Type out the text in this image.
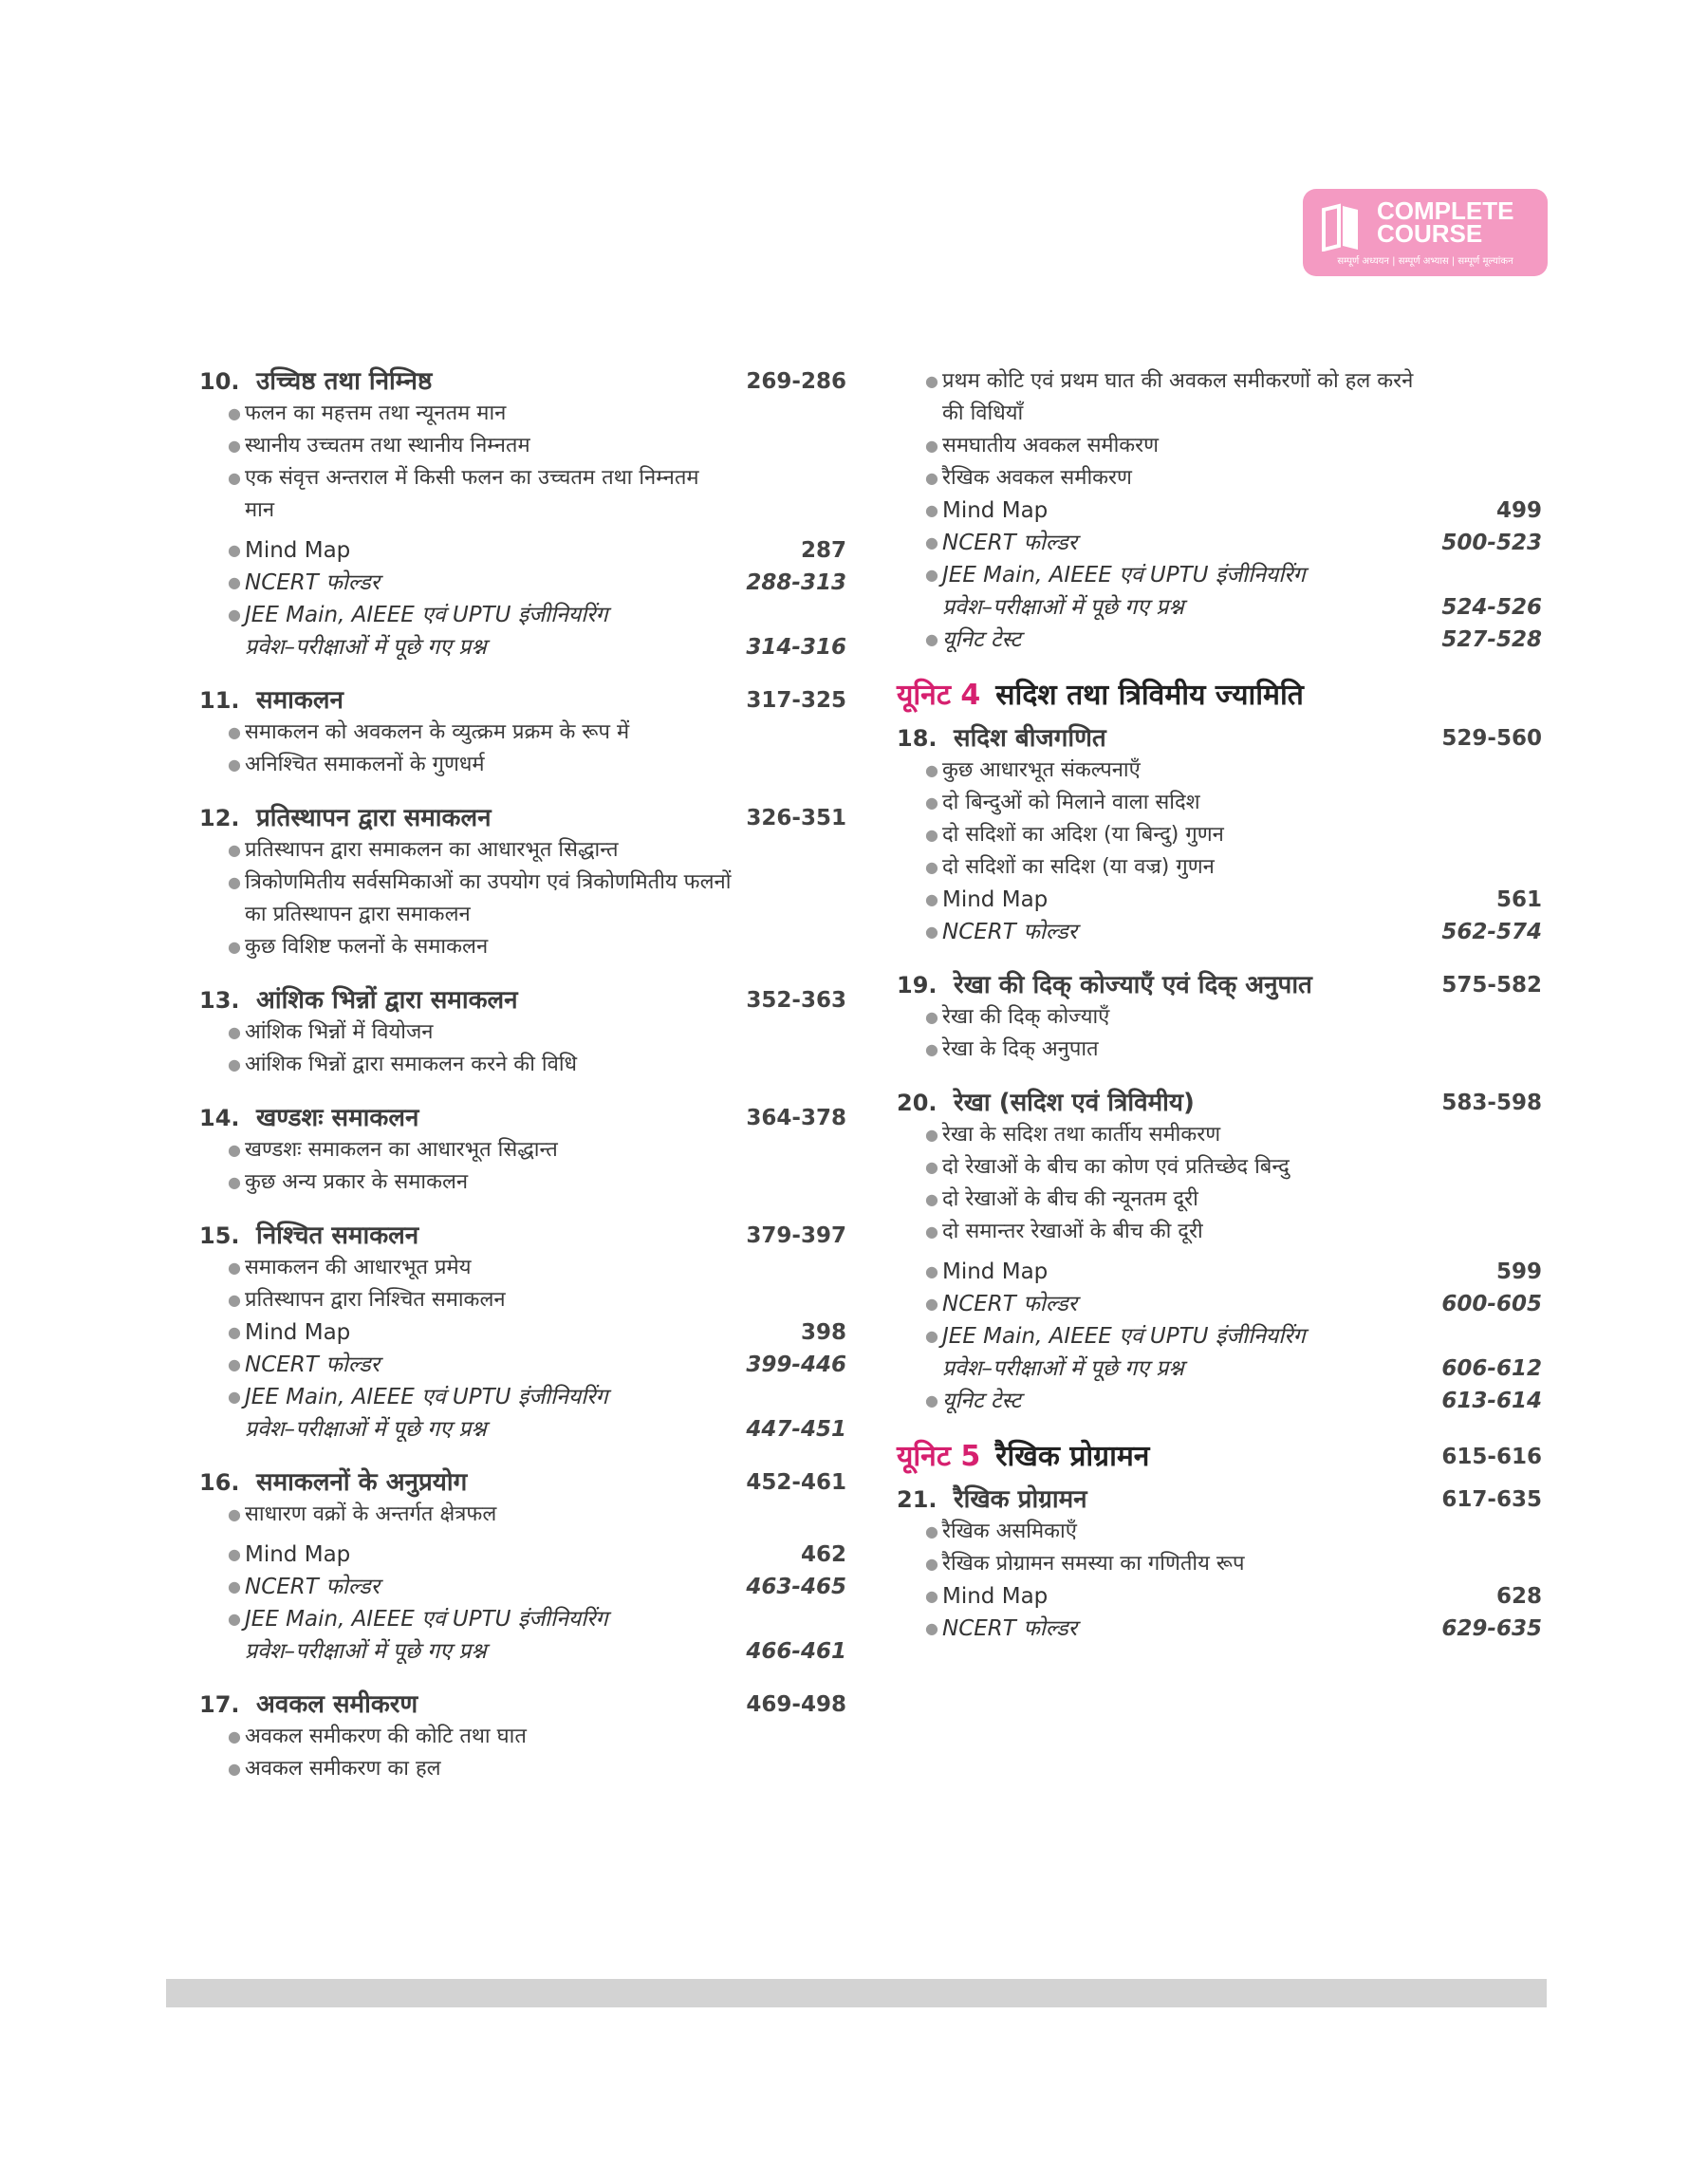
COMPLETE
COURSE
सम्पूर्ण अध्ययन | सम्पूर्ण अभ्यास | सम्पूर्ण मूल्यांकन
10. उच्चिष्ठ तथा निम्निष्ठ	269-286
● फलन का महत्तम तथा न्यूनतम मान
● स्थानीय उच्चतम तथा स्थानीय निम्नतम
● एक संवृत्त अन्तराल में किसी फलन का उच्चतम तथा निम्नतम मान
● Mind Map	287
● NCERT फोल्डर	288-313
● JEE Main, AIEEE एवं UPTU इंजीनियरिंग
प्रवेश–परीक्षाओं में पूछे गए प्रश्न	314-316
11. समाकलन	317-325
● समाकलन को अवकलन के व्युत्क्रम प्रक्रम के रूप में
● अनिश्चित समाकलनों के गुणधर्म
12. प्रतिस्थापन द्वारा समाकलन	326-351
● प्रतिस्थापन द्वारा समाकलन का आधारभूत सिद्धान्त
● त्रिकोणमितीय सर्वसमिकाओं का उपयोग एवं त्रिकोणमितीय फलनों का प्रतिस्थापन द्वारा समाकलन
● कुछ विशिष्ट फलनों के समाकलन
13. आंशिक भिन्नों द्वारा समाकलन	352-363
● आंशिक भिन्नों में वियोजन
● आंशिक भिन्नों द्वारा समाकलन करने की विधि
14. खण्डशः समाकलन	364-378
● खण्डशः समाकलन का आधारभूत सिद्धान्त
● कुछ अन्य प्रकार के समाकलन
15. निश्चित समाकलन	379-397
● समाकलन की आधारभूत प्रमेय
● प्रतिस्थापन द्वारा निश्चित समाकलन
● Mind Map	398
● NCERT फोल्डर	399-446
● JEE Main, AIEEE एवं UPTU इंजीनियरिंग
प्रवेश–परीक्षाओं में पूछे गए प्रश्न	447-451
16. समाकलनों के अनुप्रयोग	452-461
● साधारण वक्रों के अन्तर्गत क्षेत्रफल
● Mind Map	462
● NCERT फोल्डर	463-465
● JEE Main, AIEEE एवं UPTU इंजीनियरिंग
प्रवेश–परीक्षाओं में पूछे गए प्रश्न	466-461
17. अवकल समीकरण	469-498
● अवकल समीकरण की कोटि तथा घात
● अवकल समीकरण का हल
● प्रथम कोटि एवं प्रथम घात की अवकल समीकरणों को हल करने की विधियाँ
● समघातीय अवकल समीकरण
● रैखिक अवकल समीकरण
● Mind Map	499
● NCERT फोल्डर	500-523
● JEE Main, AIEEE एवं UPTU इंजीनियरिंग
प्रवेश–परीक्षाओं में पूछे गए प्रश्न	524-526
● यूनिट टेस्ट	527-528
यूनिट 4 सदिश तथा त्रिविमीय ज्यामिति
18. सदिश बीजगणित	529-560
● कुछ आधारभूत संकल्पनाएँ
● दो बिन्दुओं को मिलाने वाला सदिश
● दो सदिशों का अदिश (या बिन्दु) गुणन
● दो सदिशों का सदिश (या वज्र) गुणन
● Mind Map	561
● NCERT फोल्डर	562-574
19. रेखा की दिक् कोज्याएँ एवं दिक् अनुपात	575-582
● रेखा की दिक् कोज्याएँ
● रेखा के दिक् अनुपात
20. रेखा (सदिश एवं त्रिविमीय)	583-598
● रेखा के सदिश तथा कार्तीय समीकरण
● दो रेखाओं के बीच का कोण एवं प्रतिच्छेद बिन्दु
● दो रेखाओं के बीच की न्यूनतम दूरी
● दो समान्तर रेखाओं के बीच की दूरी
● Mind Map	599
● NCERT फोल्डर	600-605
● JEE Main, AIEEE एवं UPTU इंजीनियरिंग
प्रवेश–परीक्षाओं में पूछे गए प्रश्न	606-612
● यूनिट टेस्ट	613-614
यूनिट 5 रैखिक प्रोग्रामन	615-616
21. रैखिक प्रोग्रामन	617-635
● रैखिक असमिकाएँ
● रैखिक प्रोग्रामन समस्या का गणितीय रूप
● Mind Map	628
● NCERT फोल्डर	629-635
